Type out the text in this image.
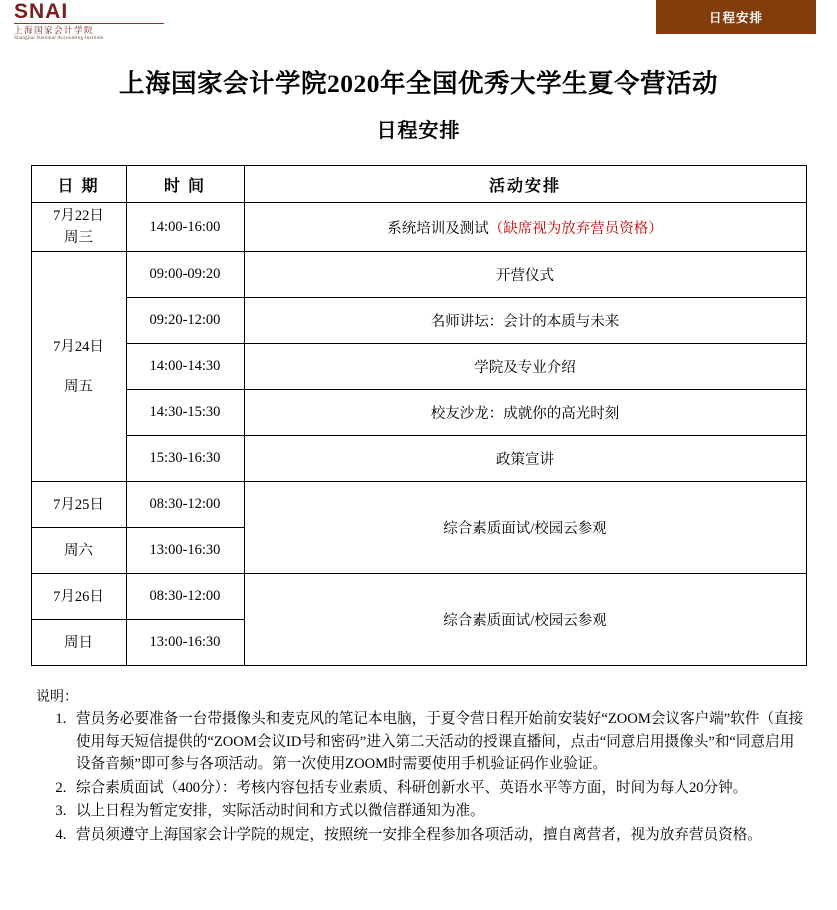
SNAI
上海国家会计学院
Shanghai National Accounting Institute
日程安排
上海国家会计学院2020年全国优秀大学生夏令营活动
日程安排
日 期	时 间	活动安排

7月22日
周三	14:00-16:00	系统培训及测试（缺席视为放弃营员资格）

7月24日
周五	09:00-09:20	开营仪式
	09:20-12:00	名师讲坛：会计的本质与未来
	14:00-14:30	学院及专业介绍
	14:30-15:30	校友沙龙：成就你的高光时刻
	15:30-16:30	政策宣讲

7月25日	08:30-12:00	综合素质面试/校园云参观

周六	13:00-16:30	

7月26日	08:30-12:00	综合素质面试/校园云参观

周日	13:00-16:30	
说明：
1. 营员务必要准备一台带摄像头和麦克风的笔记本电脑，于夏令营日程开始前安装好“ZOOM会议客户端”软件（直接使用每天短信提供的“ZOOM会议ID号和密码”进入第二天活动的授课直播间，点击“同意启用摄像头”和“同意启用设备音频”即可参与各项活动。第一次使用ZOOM时需要使用手机验证码作业验证。
2. 综合素质面试（400分）：考核内容包括专业素质、科研创新水平、英语水平等方面，时间为每人20分钟。
3. 以上日程为暂定安排，实际活动时间和方式以微信群通知为准。
4. 营员须遵守上海国家会计学院的规定，按照统一安排全程参加各项活动，擅自离营者，视为放弃营员资格。
